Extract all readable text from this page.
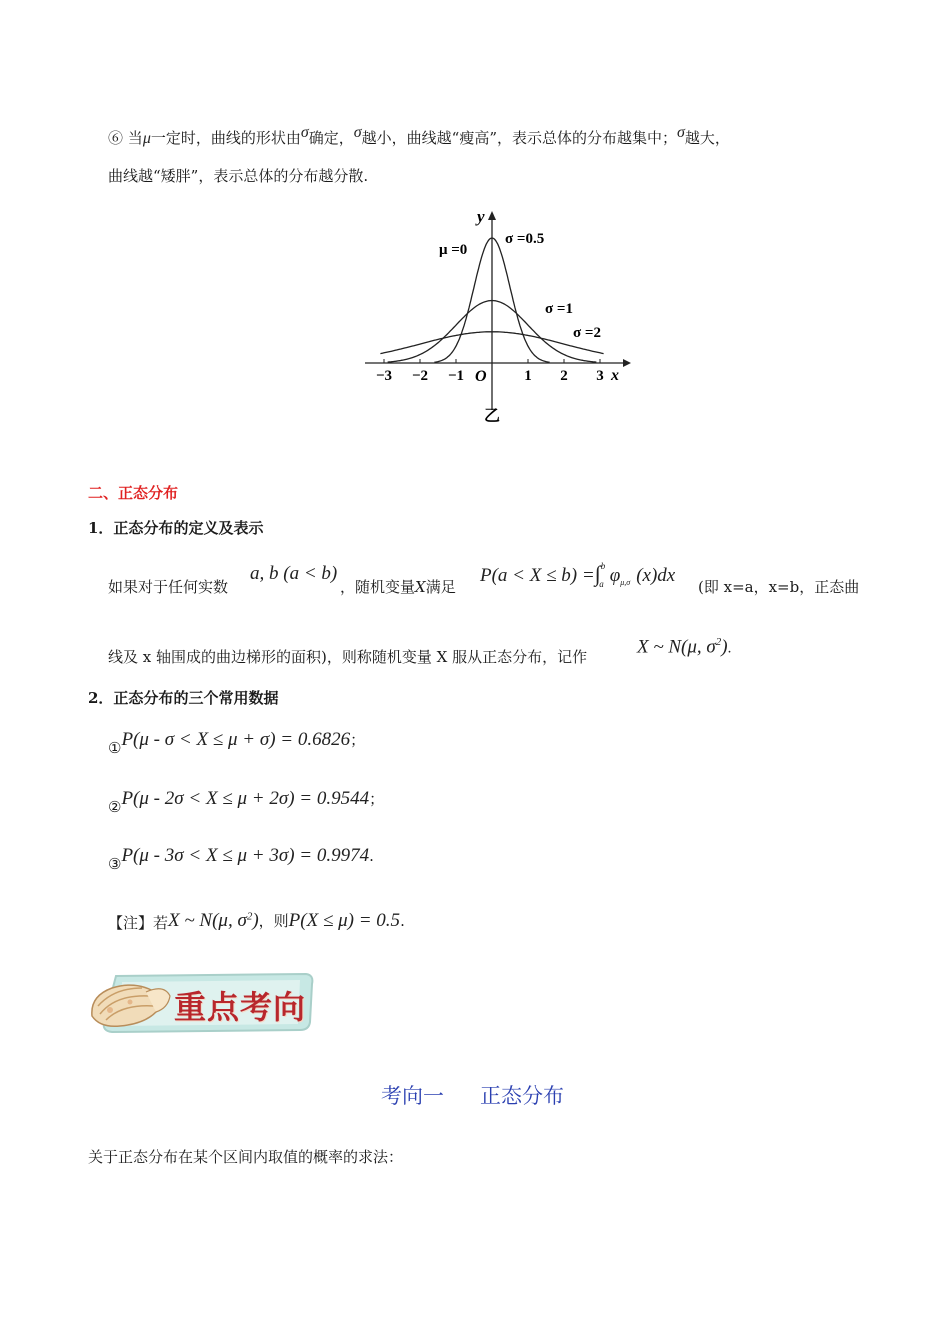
⑥ 当μ一定时，曲线的形状由σ确定，σ越小，曲线越“瘦高”，表示总体的分布越集中；σ越大，
曲线越“矮胖”，表示总体的分布越分散.
−3 −2 −1	1 2 3
y
x
O
μ =0
σ =0.5
σ =1
σ =2
乙
二、正态分布
1．正态分布的定义及表示
如果对于任何实数
a, b (a < b)
，随机变量X满足
P(a < X ≤ b) =∫$^b_a$ $\varphi_{\mu,\sigma}$ (x)dx
(即 x=a，x=b，正态曲
线及 x 轴围成的曲边梯形的面积)，则称随机变量 X 服从正态分布，记作	X ~ N(μ, $\sigma^2$).
2．正态分布的三个常用数据
①P(μ - σ < X ≤ μ + σ) = 0.6826；
②P(μ - 2σ < X ≤ μ + 2σ) = 0.9544；
③P(μ - 3σ < X ≤ μ + 3σ) = 0.9974.
【注】若X ~ N(μ, $\sigma^2$)，则P(X ≤ μ) = 0.5.
重点考向
考向一 正态分布
关于正态分布在某个区间内取值的概率的求法：
